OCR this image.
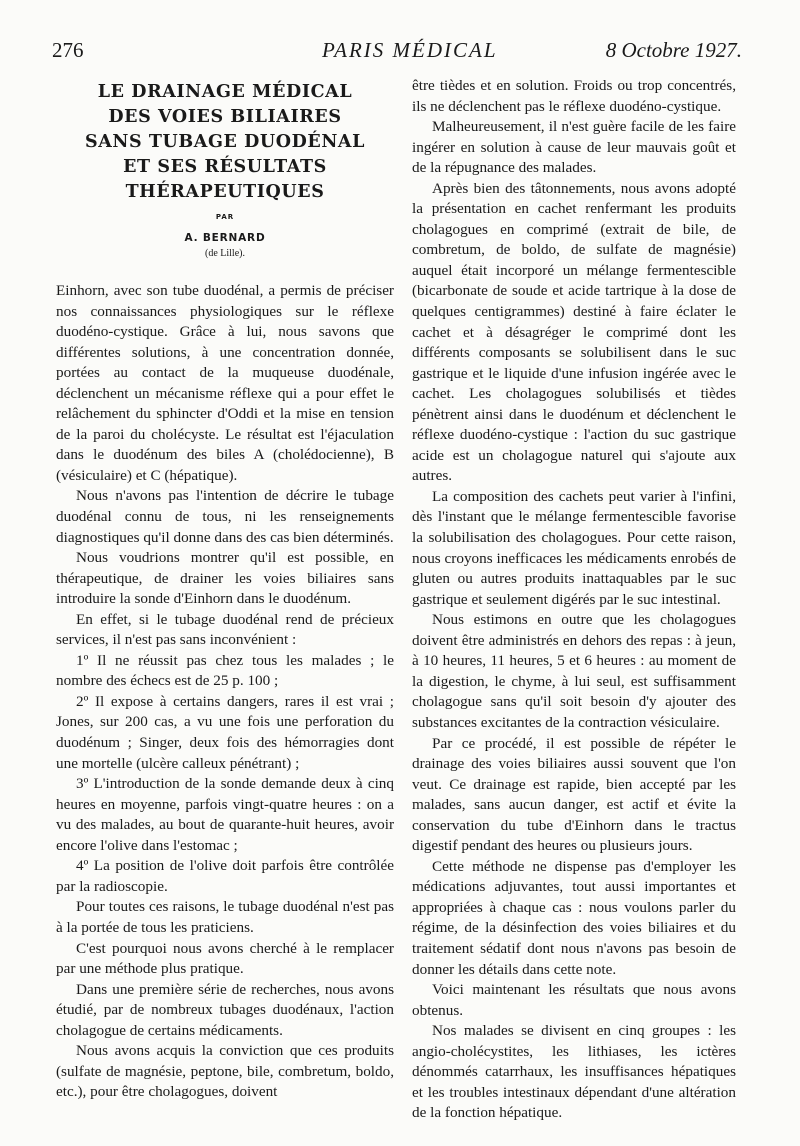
276	PARIS MÉDICAL	8 Octobre 1927.
LE DRAINAGE MÉDICAL
DES VOIES BILIAIRES
SANS TUBAGE DUODÉNAL
ET SES RÉSULTATS
THÉRAPEUTIQUES
PAR
A. BERNARD
(de Lille).

Einhorn, avec son tube duodénal, a permis de préciser nos connaissances physiologiques sur le réflexe duodéno-cystique. Grâce à lui, nous savons que différentes solutions, à une concentration donnée, portées au contact de la muqueuse duodénale, déclenchent un mécanisme réflexe qui a pour effet le relâchement du sphincter d'Oddi et la mise en tension de la paroi du cholécyste. Le résultat est l'éjaculation dans le duodénum des biles A (cholédocienne), B (vésiculaire) et C (hépatique).

Nous n'avons pas l'intention de décrire le tubage duodénal connu de tous, ni les renseignements diagnostiques qu'il donne dans des cas bien déterminés.

Nous voudrions montrer qu'il est possible, en thérapeutique, de drainer les voies biliaires sans introduire la sonde d'Einhorn dans le duodénum.

En effet, si le tubage duodénal rend de précieux services, il n'est pas sans inconvénient :

1º Il ne réussit pas chez tous les malades ; le nombre des échecs est de 25 p. 100 ;

2º Il expose à certains dangers, rares il est vrai ; Jones, sur 200 cas, a vu une fois une perforation du duodénum ; Singer, deux fois des hémorragies dont une mortelle (ulcère calleux pénétrant) ;

3º L'introduction de la sonde demande deux à cinq heures en moyenne, parfois vingt-quatre heures : on a vu des malades, au bout de quarante-huit heures, avoir encore l'olive dans l'estomac ;

4º La position de l'olive doit parfois être contrôlée par la radioscopie.

Pour toutes ces raisons, le tubage duodénal n'est pas à la portée de tous les praticiens.

C'est pourquoi nous avons cherché à le remplacer par une méthode plus pratique.

Dans une première série de recherches, nous avons étudié, par de nombreux tubages duodénaux, l'action cholagogue de certains médicaments.

Nous avons acquis la conviction que ces produits (sulfate de magnésie, peptone, bile, combretum, boldo, etc.), pour être cholagogues, doivent

être tièdes et en solution. Froids ou trop concentrés, ils ne déclenchent pas le réflexe duodéno-cystique.

Malheureusement, il n'est guère facile de les faire ingérer en solution à cause de leur mauvais goût et de la répugnance des malades.

Après bien des tâtonnements, nous avons adopté la présentation en cachet renfermant les produits cholagogues en comprimé (extrait de bile, de combretum, de boldo, de sulfate de magnésie) auquel était incorporé un mélange fermentescible (bicarbonate de soude et acide tartrique à la dose de quelques centigrammes) destiné à faire éclater le cachet et à désagréger le comprimé dont les différents composants se solubilisent dans le suc gastrique et le liquide d'une infusion ingérée avec le cachet. Les cholagogues solubilisés et tièdes pénètrent ainsi dans le duodénum et déclenchent le réflexe duodéno-cystique : l'action du suc gastrique acide est un cholagogue naturel qui s'ajoute aux autres.

La composition des cachets peut varier à l'infini, dès l'instant que le mélange fermentescible favorise la solubilisation des cholagogues. Pour cette raison, nous croyons inefficaces les médicaments enrobés de gluten ou autres produits inattaquables par le suc gastrique et seulement digérés par le suc intestinal.

Nous estimons en outre que les cholagogues doivent être administrés en dehors des repas : à jeun, à 10 heures, 11 heures, 5 et 6 heures : au moment de la digestion, le chyme, à lui seul, est suffisamment cholagogue sans qu'il soit besoin d'y ajouter des substances excitantes de la contraction vésiculaire.

Par ce procédé, il est possible de répéter le drainage des voies biliaires aussi souvent que l'on veut. Ce drainage est rapide, bien accepté par les malades, sans aucun danger, est actif et évite la conservation du tube d'Einhorn dans le tractus digestif pendant des heures ou plusieurs jours.

Cette méthode ne dispense pas d'employer les médications adjuvantes, tout aussi importantes et appropriées à chaque cas : nous voulons parler du régime, de la désinfection des voies biliaires et du traitement sédatif dont nous n'avons pas besoin de donner les détails dans cette note.

Voici maintenant les résultats que nous avons obtenus.

Nos malades se divisent en cinq groupes : les angio-cholécystites, les lithiases, les ictères dénommés catarrhaux, les insuffisances hépatiques et les troubles intestinaux dépendant d'une altération de la fonction hépatique.
